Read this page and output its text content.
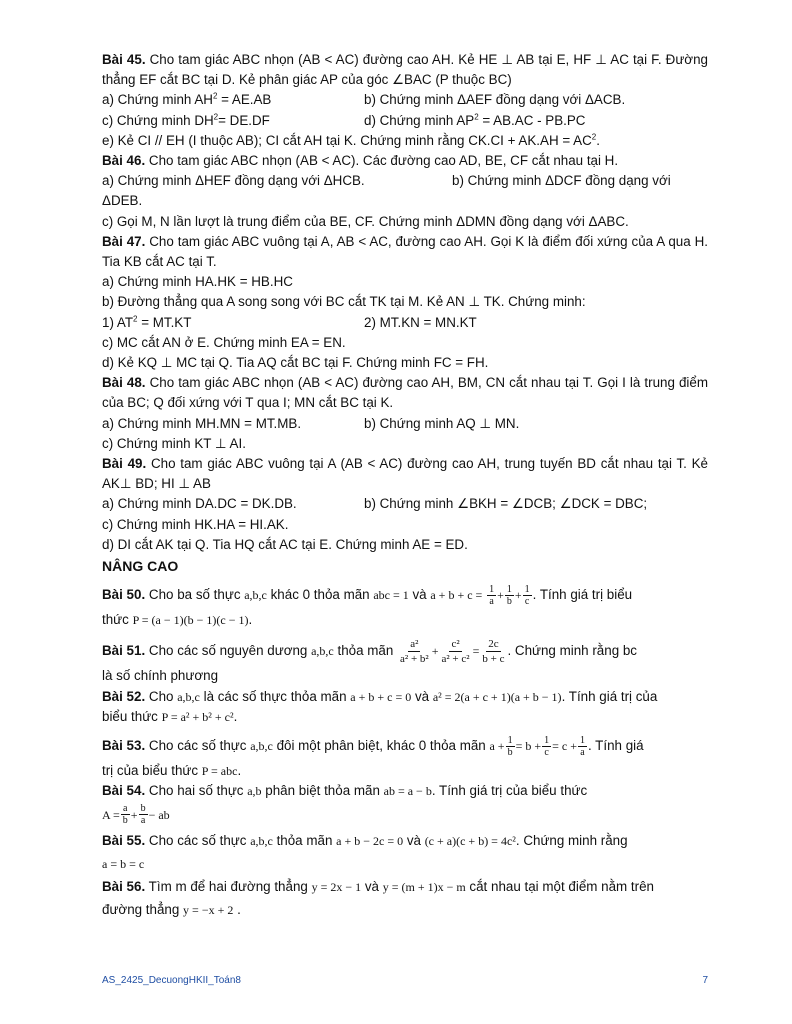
Bài 45. Cho tam giác ABC nhọn (AB < AC) đường cao AH. Kẻ HE ⊥ AB tại E, HF ⊥ AC tại F. Đường thẳng EF cắt BC tại D. Kẻ phân giác AP của góc ∠BAC (P thuộc BC)
a) Chứng minh $AH^2 = AE.AB$	b) Chứng minh ΔAEF đồng dạng với ΔACB.
c) Chứng minh $DH^2= DE.DF$	d) Chứng minh $AP^2 = AB.AC - PB.PC$
e) Kẻ CI // EH (I thuộc AB); CI cắt AH tại K. Chứng minh rằng $CK.CI + AK.AH = AC^2$.
Bài 46. Cho tam giác ABC nhọn (AB < AC). Các đường cao AD, BE, CF cắt nhau tại H.
a) Chứng minh ΔHEF đồng dạng với ΔHCB.	b) Chứng minh ΔDCF đồng dạng với
ΔDEB.
c) Gọi M, N lần lượt là trung điểm của BE, CF. Chứng minh ΔDMN đồng dạng với ΔABC.
Bài 47. Cho tam giác ABC vuông tại A, AB < AC, đường cao AH. Gọi K là điểm đối xứng của A qua H. Tia KB cắt AC tại T.
a) Chứng minh HA.HK = HB.HC
b) Đường thẳng qua A song song với BC cắt TK tại M. Kẻ AN ⊥ TK. Chứng minh:
1) $AT^2 = MT.KT$	2) MT.KN = MN.KT
c) MC cắt AN ở E. Chứng minh EA = EN.
d) Kẻ KQ ⊥ MC tại Q. Tia AQ cắt BC tại F. Chứng minh FC = FH.
Bài 48. Cho tam giác ABC nhọn (AB < AC) đường cao AH, BM, CN cắt nhau tại T. Gọi I là trung điểm của BC; Q đối xứng với T qua I; MN cắt BC tại K.
a) Chứng minh MH.MN = MT.MB.	b) Chứng minh AQ ⊥ MN.
c) Chứng minh KT ⊥ AI.
Bài 49. Cho tam giác ABC vuông tại A (AB < AC) đường cao AH, trung tuyến BD cắt nhau tại T. Kẻ AK⊥ BD; HI ⊥ AB
a) Chứng minh DA.DC = DK.DB.	b) Chứng minh ∠BKH = ∠DCB; ∠DCK = DBC;
c) Chứng minh HK.HA = HI.AK.
d) DI cắt AK tại Q. Tia HQ cắt AC tại E. Chứng minh AE = ED.
NÂNG CAO
Bài 50. Cho ba số thực a,b,c khác 0 thỏa mãn abc = 1 và $a + b + c = \frac{1}{a} + \frac{1}{b} + \frac{1}{c}$ . Tính giá trị biểu
thức P = (a − 1)(b − 1)(c − 1).
Bài 51. Cho các số nguyên dương a,b,c thỏa mãn $\frac{\text{a²}}{\text{a² + b²}} + \frac{\text{c²}}{\text{a² + c²}} = \frac{2c}{b + c}$ . Chứng minh rằng bc
là số chính phương
Bài 52. Cho a,b,c là các số thực thỏa mãn a + b + c = 0 và a² = 2(a + c + 1)(a + b − 1). Tính giá trị của
biểu thức P = a² + b² + c².
Bài 53. Cho các số thực a,b,c đôi một phân biệt, khác 0 thỏa mãn $a + \frac{1}{b} = b + \frac{1}{c} = c + \frac{1}{a}$ . Tính giá
trị của biểu thức P = abc.
Bài 54. Cho hai số thực a,b phân biệt thỏa mãn ab = a − b. Tính giá trị của biểu thức
$A = \frac{a}{b} + \frac{b}{a}$ − ab
Bài 55. Cho các số thực a,b,c thỏa mãn a + b − 2c = 0 và (c + a)(c + b) = 4c². Chứng minh rằng
a = b = c
Bài 56. Tìm m để hai đường thẳng y = 2x − 1 và y = (m + 1)x − m cắt nhau tại một điểm nằm trên
đường thẳng y = −x + 2 .
AS_2425_DecuongHKII_Toán8	7
